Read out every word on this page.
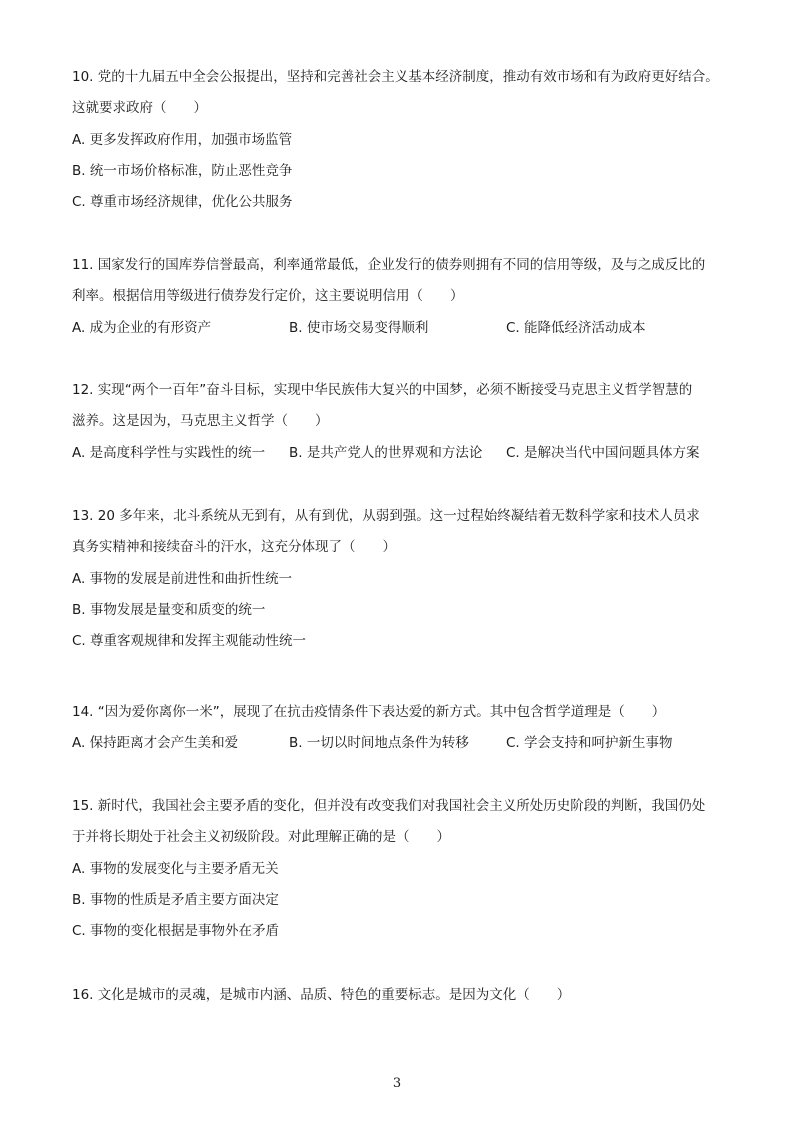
10. 党的十九届五中全会公报提出，坚持和完善社会主义基本经济制度，推动有效市场和有为政府更好结合。
这就要求政府（　　）
A. 更多发挥政府作用，加强市场监管
B. 统一市场价格标准，防止恶性竞争
C. 尊重市场经济规律，优化公共服务
11. 国家发行的国库券信誉最高，利率通常最低，企业发行的债券则拥有不同的信用等级，及与之成反比的
利率。根据信用等级进行债券发行定价，这主要说明信用（　　）
A. 成为企业的有形资产	B. 使市场交易变得顺利	C. 能降低经济活动成本
12. 实现“两个一百年”奋斗目标，实现中华民族伟大复兴的中国梦，必须不断接受马克思主义哲学智慧的
滋养。这是因为，马克思主义哲学（　　）
A. 是高度科学性与实践性的统一 B. 是共产党人的世界观和方法论 C. 是解决当代中国问题具体方案
13. 20 多年来，北斗系统从无到有，从有到优，从弱到强。这一过程始终凝结着无数科学家和技术人员求
真务实精神和接续奋斗的汗水，这充分体现了（　　）
A. 事物的发展是前进性和曲折性统一
B. 事物发展是量变和质变的统一
C. 尊重客观规律和发挥主观能动性统一
14. “因为爱你离你一米”，展现了在抗击疫情条件下表达爱的新方式。其中包含哲学道理是（　　）
A. 保持距离才会产生美和爱	B. 一切以时间地点条件为转移	C. 学会支持和呵护新生事物
15. 新时代，我国社会主要矛盾的变化，但并没有改变我们对我国社会主义所处历史阶段的判断，我国仍处
于并将长期处于社会主义初级阶段。对此理解正确的是（　　）
A. 事物的发展变化与主要矛盾无关
B. 事物的性质是矛盾主要方面决定
C. 事物的变化根据是事物外在矛盾
16. 文化是城市的灵魂，是城市内涵、品质、特色的重要标志。是因为文化（　　）
3
